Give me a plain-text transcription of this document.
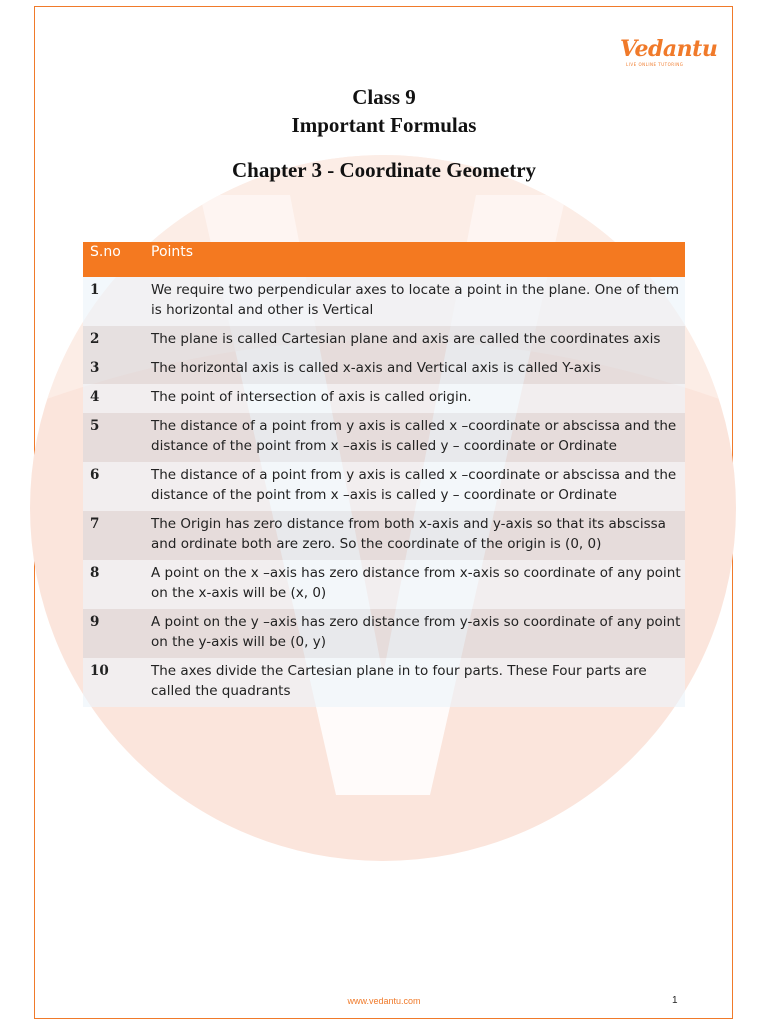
Vedantu
LIVE ONLINE TUTORING
Class 9
Important Formulas
Chapter 3 - Coordinate Geometry
S.no	Points
1	We require two perpendicular axes to locate a point in the plane. One of them is horizontal and other is Vertical
2	The plane is called Cartesian plane and axis are called the coordinates axis
3	The horizontal axis is called x-axis and Vertical axis is called Y-axis
4	The point of intersection of axis is called origin.
5	The distance of a point from y axis is called x –coordinate or abscissa and the distance of the point from x –axis is called y – coordinate or Ordinate
6	The distance of a point from y axis is called x –coordinate or abscissa and the distance of the point from x –axis is called y – coordinate or Ordinate
7	The Origin has zero distance from both x-axis and y-axis so that its abscissa and ordinate both are zero. So the coordinate of the origin is (0, 0)
8	A point on the x –axis has zero distance from x-axis so coordinate of any point on the x-axis will be (x, 0)
9	A point on the y –axis has zero distance from y-axis so coordinate of any point on the y-axis will be (0, y)
10	The axes divide the Cartesian plane in to four parts. These Four parts are called the quadrants
www.vedantu.com	1
